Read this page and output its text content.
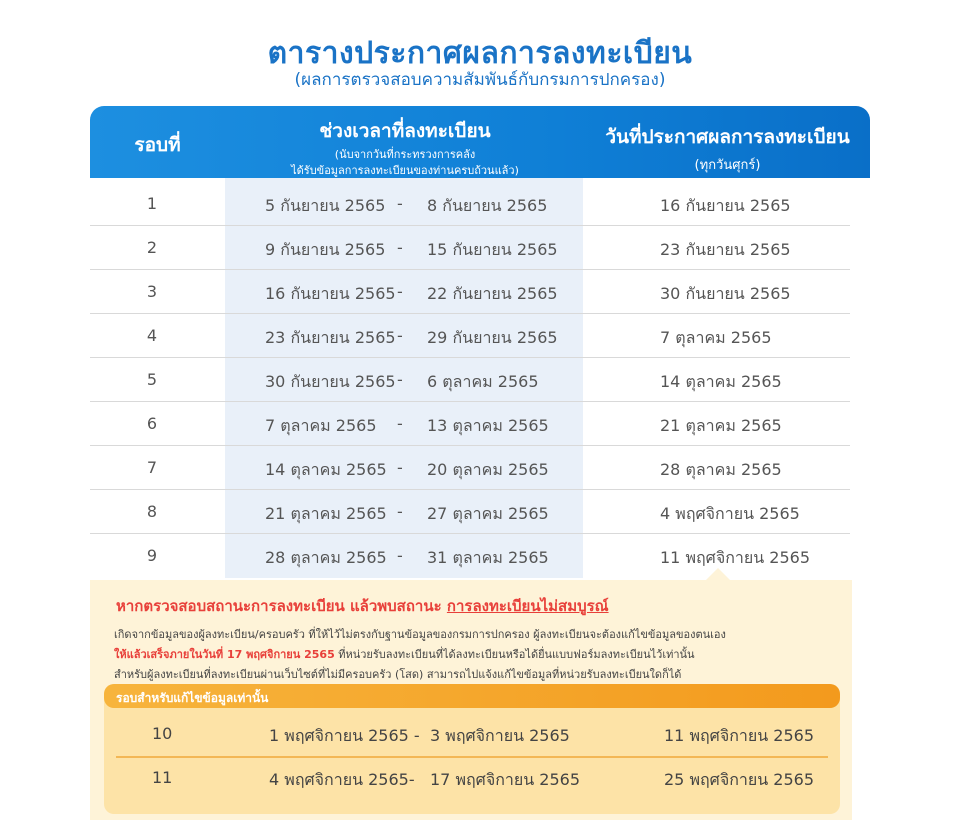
ตารางประกาศผลการลงทะเบียน
(ผลการตรวจสอบความสัมพันธ์กับกรมการปกครอง)
รอบที่
ช่วงเวลาที่ลงทะเบียน
(นับจากวันที่กระทรวงการคลัง
ได้รับข้อมูลการลงทะเบียนของท่านครบถ้วนแล้ว)
วันที่ประกาศผลการลงทะเบียน
(ทุกวันศุกร์)
1	5 กันยายน 2565 - 8 กันยายน 2565	16 กันยายน 2565
2	9 กันยายน 2565 - 15 กันยายน 2565	23 กันยายน 2565
3	16 กันยายน 2565 - 22 กันยายน 2565	30 กันยายน 2565
4	23 กันยายน 2565 - 29 กันยายน 2565	7 ตุลาคม 2565
5	30 กันยายน 2565 - 6 ตุลาคม 2565	14 ตุลาคม 2565
6	7 ตุลาคม 2565 - 13 ตุลาคม 2565	21 ตุลาคม 2565
7	14 ตุลาคม 2565 - 20 ตุลาคม 2565	28 ตุลาคม 2565
8	21 ตุลาคม 2565 - 27 ตุลาคม 2565	4 พฤศจิกายน 2565
9	28 ตุลาคม 2565 - 31 ตุลาคม 2565	11 พฤศจิกายน 2565
หากตรวจสอบสถานะการลงทะเบียน แล้วพบสถานะ การลงทะเบียนไม่สมบูรณ์
เกิดจากข้อมูลของผู้ลงทะเบียน/ครอบครัว ที่ให้ไว้ไม่ตรงกับฐานข้อมูลของกรมการปกครอง ผู้ลงทะเบียนจะต้องแก้ไขข้อมูลของตนเอง
ให้แล้วเสร็จภายในวันที่ 17 พฤศจิกายน 2565 ที่หน่วยรับลงทะเบียนที่ได้ลงทะเบียนหรือได้ยื่นแบบฟอร์มลงทะเบียนไว้เท่านั้น
สำหรับผู้ลงทะเบียนที่ลงทะเบียนผ่านเว็บไซต์ที่ไม่มีครอบครัว (โสด) สามารถไปแจ้งแก้ไขข้อมูลที่หน่วยรับลงทะเบียนใดก็ได้
รอบสำหรับแก้ไขข้อมูลเท่านั้น
10	1 พฤศจิกายน 2565 - 3 พฤศจิกายน 2565	11 พฤศจิกายน 2565
11	4 พฤศจิกายน 2565- 17 พฤศจิกายน 2565	25 พฤศจิกายน 2565
